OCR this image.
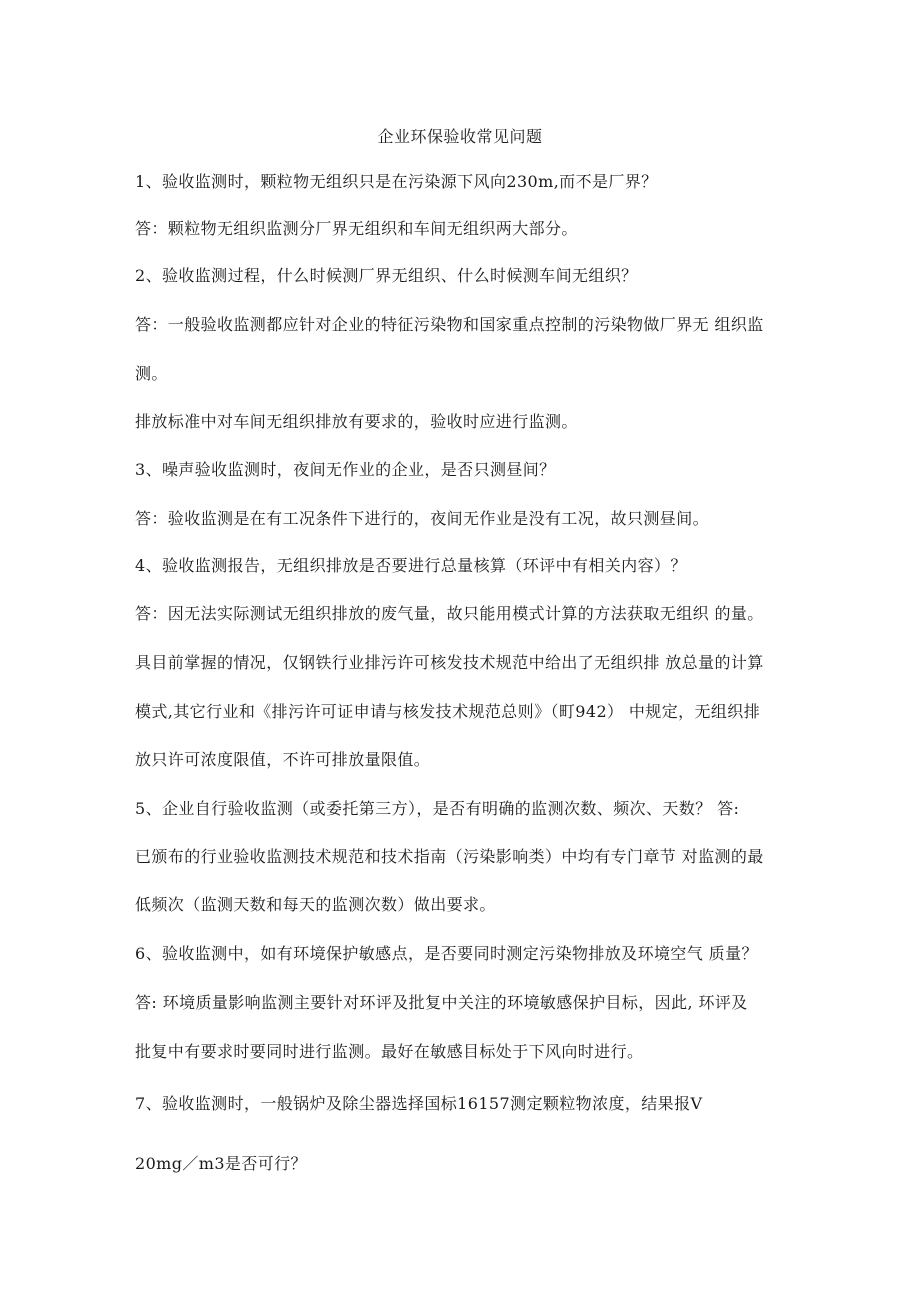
企业环保验收常见问题
1、验收监测时，颗粒物无组织只是在污染源下风向230m,而不是厂界？
答：颗粒物无组织监测分厂界无组织和车间无组织两大部分。
2、验收监测过程，什么时候测厂界无组织、什么时候测车间无组织？
答：一般验收监测都应针对企业的特征污染物和国家重点控制的污染物做厂界无 组织监
测。
排放标准中对车间无组织排放有要求的，验收时应进行监测。
3、噪声验收监测时，夜间无作业的企业，是否只测昼间？
答：验收监测是在有工况条件下进行的，夜间无作业是没有工况，故只测昼间。
4、验收监测报告，无组织排放是否要进行总量核算（环评中有相关内容）？
答：因无法实际测试无组织排放的废气量，故只能用模式计算的方法获取无组织 的量。
具目前掌握的情况，仅钢铁行业排污许可核发技术规范中给出了无组织排 放总量的计算
模式,其它行业和《排污许可证申请与核发技术规范总则》（町942） 中规定，无组织排
放只许可浓度限值，不许可排放量限值。
5、企业自行验收监测（或委托第三方），是否有明确的监测次数、频次、天数？ 答:
已颁布的行业验收监测技术规范和技术指南（污染影响类）中均有专门章节 对监测的最
低频次（监测天数和每天的监测次数）做出要求。
6、验收监测中，如有环境保护敏感点，是否要同时测定污染物排放及环境空气 质量？
答: 环境质量影响监测主要针对环评及批复中关注的环境敏感保护目标，因此, 环评及
批复中有要求时要同时进行监测。最好在敏感目标处于下风向时进行。
7、验收监测时，一般锅炉及除尘器选择国标16157测定颗粒物浓度，结果报V
20mg／m3是否可行？
